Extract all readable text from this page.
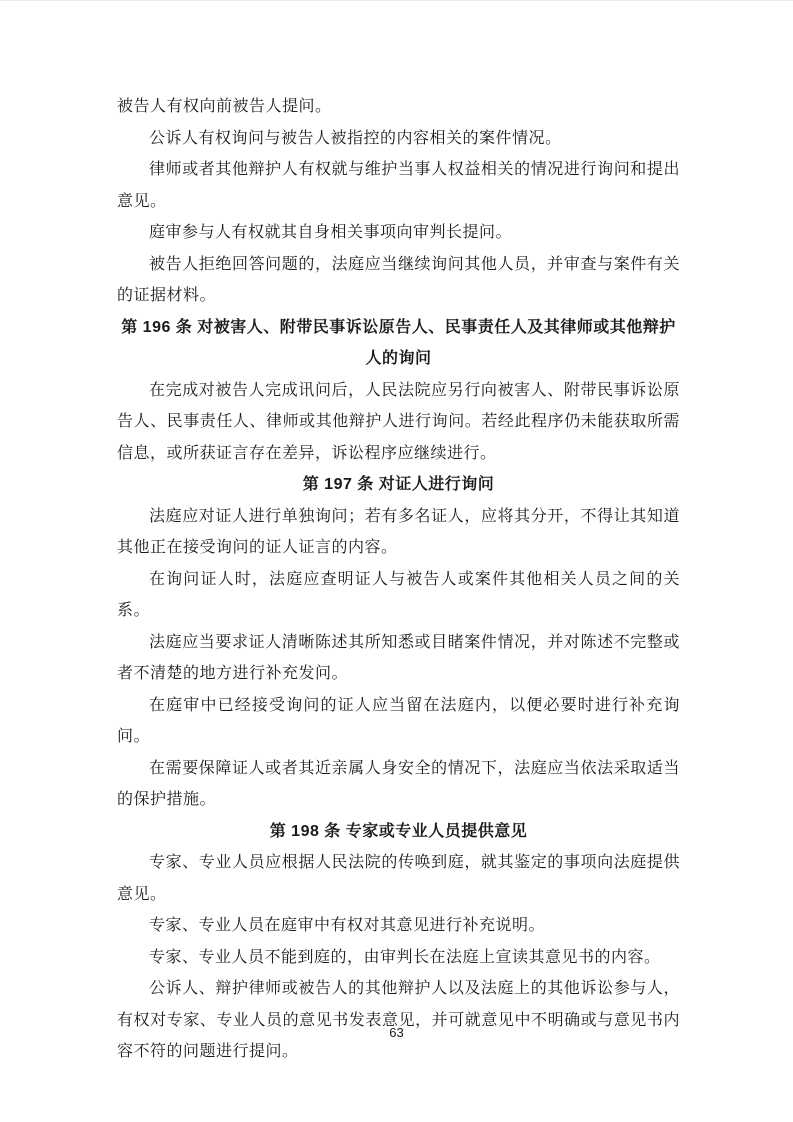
被告人有权向前被告人提问。

公诉人有权询问与被告人被指控的内容相关的案件情况。

律师或者其他辩护人有权就与维护当事人权益相关的情况进行询问和提出意见。

庭审参与人有权就其自身相关事项向审判长提问。

被告人拒绝回答问题的，法庭应当继续询问其他人员，并审查与案件有关的证据材料。

第 196 条 对被害人、附带民事诉讼原告人、民事责任人及其律师或其他辩护人的询问

在完成对被告人完成讯问后，人民法院应另行向被害人、附带民事诉讼原告人、民事责任人、律师或其他辩护人进行询问。若经此程序仍未能获取所需信息，或所获证言存在差异，诉讼程序应继续进行。

第 197 条 对证人进行询问

法庭应对证人进行单独询问；若有多名证人，应将其分开，不得让其知道其他正在接受询问的证人证言的内容。

在询问证人时，法庭应查明证人与被告人或案件其他相关人员之间的关系。

法庭应当要求证人清晰陈述其所知悉或目睹案件情况，并对陈述不完整或者不清楚的地方进行补充发问。

在庭审中已经接受询问的证人应当留在法庭内，以便必要时进行补充询问。

在需要保障证人或者其近亲属人身安全的情况下，法庭应当依法采取适当的保护措施。

第 198 条 专家或专业人员提供意见

专家、专业人员应根据人民法院的传唤到庭，就其鉴定的事项向法庭提供意见。

专家、专业人员在庭审中有权对其意见进行补充说明。

专家、专业人员不能到庭的，由审判长在法庭上宣读其意见书的内容。

公诉人、辩护律师或被告人的其他辩护人以及法庭上的其他诉讼参与人，有权对专家、专业人员的意见书发表意见，并可就意见中不明确或与意见书内容不符的问题进行提问。

63
